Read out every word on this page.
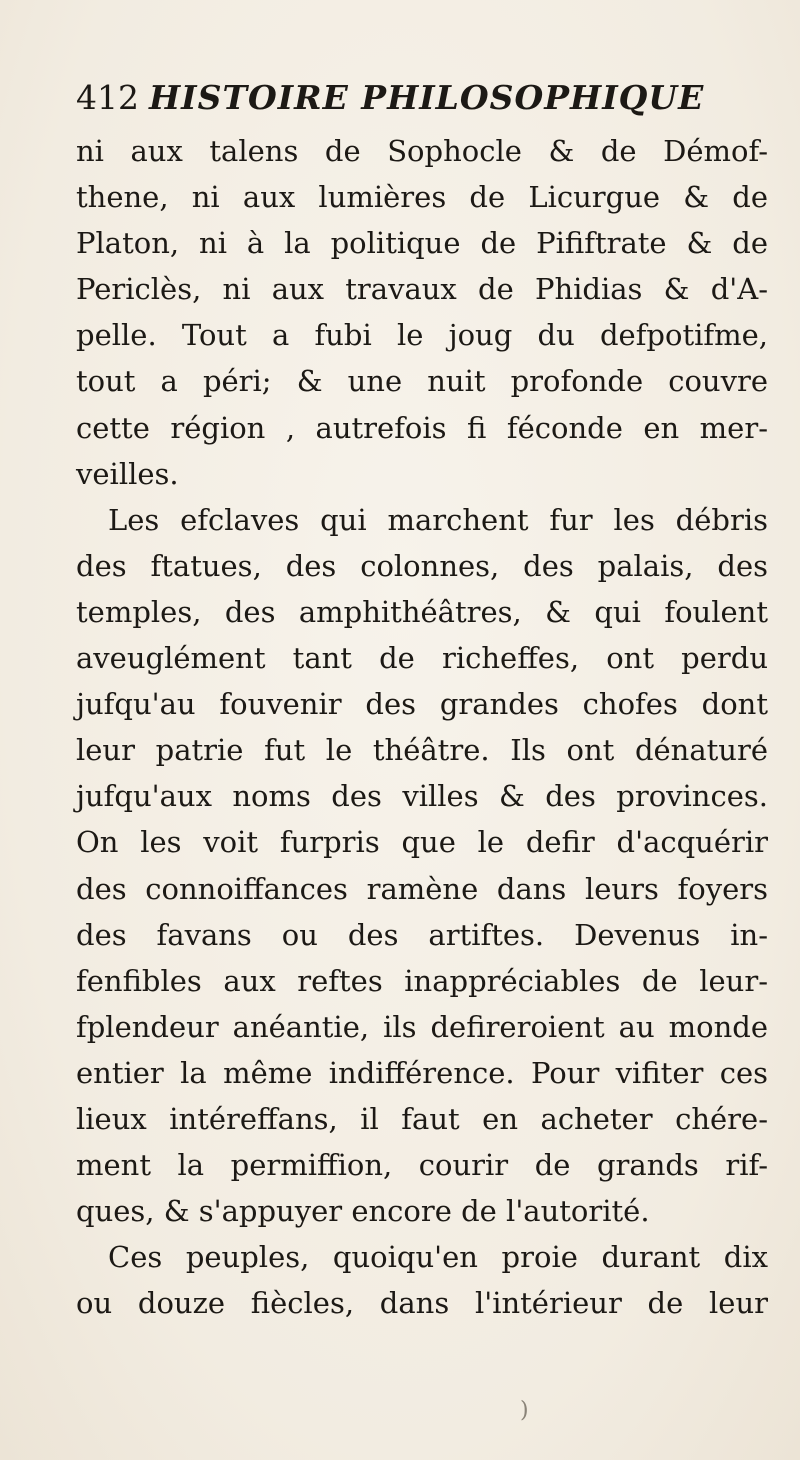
412 HISTOIRE PHILOSOPHIQUE
ni aux talens de Sophocle & de Démof-
thene, ni aux lumières de Licurgue & de
Platon, ni à la politique de Pififtrate & de
Periclès, ni aux travaux de Phidias & d'A-
pelle. Tout a fubi le joug du defpotifme,
tout a péri; & une nuit profonde couvre
cette région , autrefois fi féconde en mer-
veilles.
Les efclaves qui marchent fur les débris
des ftatues, des colonnes, des palais, des
temples, des amphithéâtres, & qui foulent
aveuglément tant de richeffes, ont perdu
jufqu'au fouvenir des grandes chofes dont
leur patrie fut le théâtre. Ils ont dénaturé
jufqu'aux noms des villes & des provinces.
On les voit furpris que le defir d'acquérir
des connoiffances ramène dans leurs foyers
des favans ou des artiftes. Devenus in-
fenfibles aux reftes inappréciables de leur-
fplendeur anéantie, ils defireroient au monde
entier la même indifférence. Pour vifiter ces
lieux intéreffans, il faut en acheter chére-
ment la permiffion, courir de grands rif-
ques, & s'appuyer encore de l'autorité.
Ces peuples, quoiqu'en proie durant dix
ou douze fiècles, dans l'intérieur de leur
)
